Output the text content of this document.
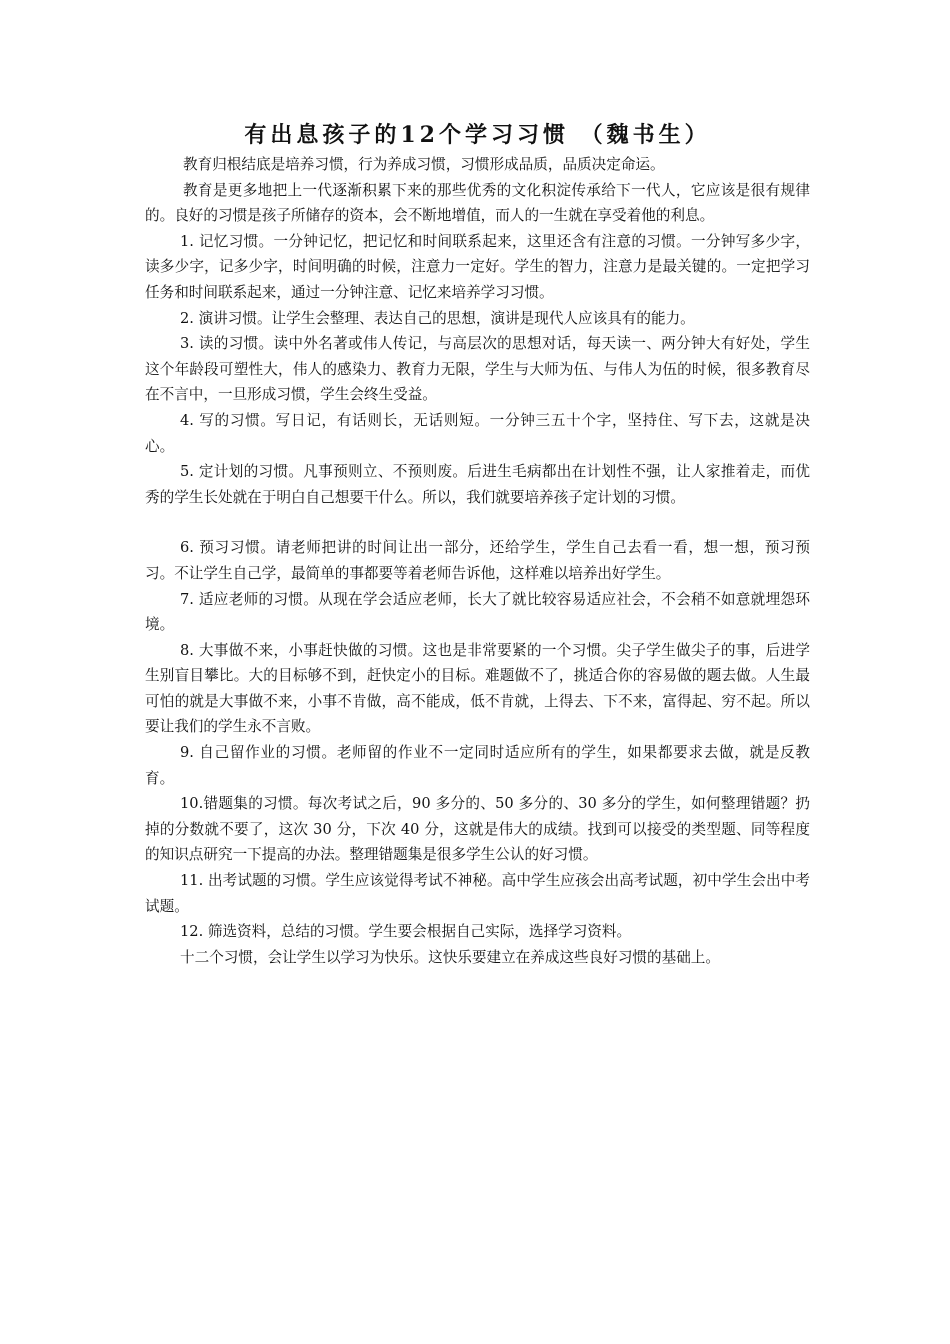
有出息孩子的12个学习习惯 （魏书生）

教育归根结底是培养习惯，行为养成习惯，习惯形成品质，品质决定命运。

教育是更多地把上一代逐渐积累下来的那些优秀的文化积淀传承给下一代人，它应该是很有规律的。良好的习惯是孩子所储存的资本，会不断地增值，而人的一生就在享受着他的利息。

1. 记忆习惯。一分钟记忆，把记忆和时间联系起来，这里还含有注意的习惯。一分钟写多少字，读多少字，记多少字，时间明确的时候，注意力一定好。学生的智力，注意力是最关键的。一定把学习任务和时间联系起来，通过一分钟注意、记忆来培养学习习惯。

2. 演讲习惯。让学生会整理、表达自己的思想，演讲是现代人应该具有的能力。

3. 读的习惯。读中外名著或伟人传记，与高层次的思想对话，每天读一、两分钟大有好处，学生这个年龄段可塑性大，伟人的感染力、教育力无限，学生与大师为伍、与伟人为伍的时候，很多教育尽在不言中，一旦形成习惯，学生会终生受益。

4. 写的习惯。写日记，有话则长，无话则短。一分钟三五十个字，坚持住、写下去，这就是决心。

5. 定计划的习惯。凡事预则立、不预则废。后进生毛病都出在计划性不强，让人家推着走，而优秀的学生长处就在于明白自己想要干什么。所以，我们就要培养孩子定计划的习惯。

6. 预习习惯。请老师把讲的时间让出一部分，还给学生，学生自己去看一看，想一想，预习预习。不让学生自己学，最简单的事都要等着老师告诉他，这样难以培养出好学生。

7. 适应老师的习惯。从现在学会适应老师，长大了就比较容易适应社会，不会稍不如意就埋怨环境。

8. 大事做不来，小事赶快做的习惯。这也是非常要紧的一个习惯。尖子学生做尖子的事，后进学生别盲目攀比。大的目标够不到，赶快定小的目标。难题做不了，挑适合你的容易做的题去做。人生最可怕的就是大事做不来，小事不肯做，高不能成，低不肯就，上得去、下不来，富得起、穷不起。所以要让我们的学生永不言败。

9. 自己留作业的习惯。老师留的作业不一定同时适应所有的学生，如果都要求去做，就是反教育。

10.错题集的习惯。每次考试之后，90 多分的、50 多分的、30 多分的学生，如何整理错题？扔掉的分数就不要了，这次 30 分，下次 40 分，这就是伟大的成绩。找到可以接受的类型题、同等程度的知识点研究一下提高的办法。整理错题集是很多学生公认的好习惯。

11. 出考试题的习惯。学生应该觉得考试不神秘。高中学生应孩会出高考试题，初中学生会出中考试题。

12. 筛选资料，总结的习惯。学生要会根据自己实际，选择学习资料。

十二个习惯，会让学生以学习为快乐。这快乐要建立在养成这些良好习惯的基础上。
